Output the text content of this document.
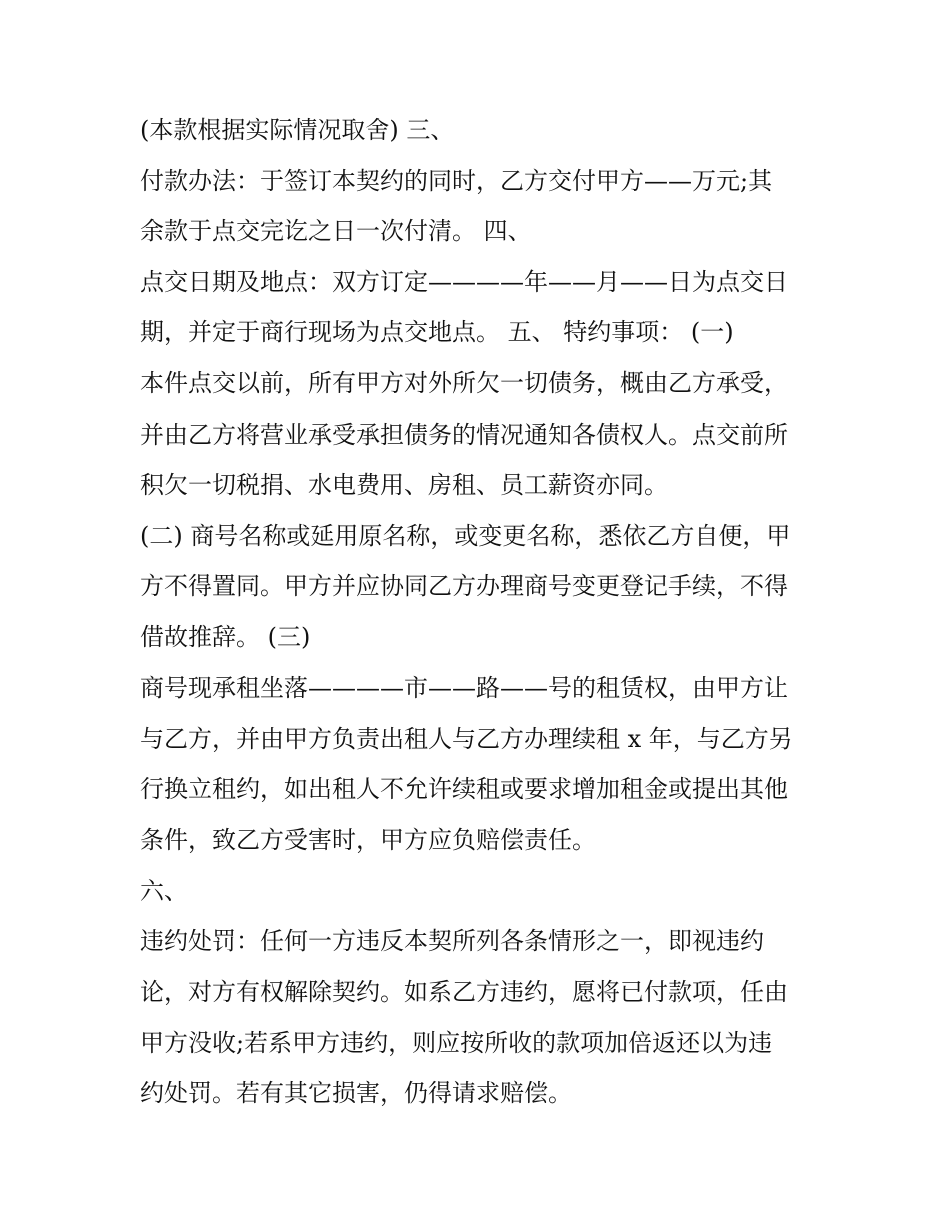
(本款根据实际情况取舍) 三、
付款办法：于签订本契约的同时，乙方交付甲方——万元;其
余款于点交完讫之日一次付清。 四、
点交日期及地点：双方订定————年——月——日为点交日
期，并定于商行现场为点交地点。 五、 特约事项： (一)
本件点交以前，所有甲方对外所欠一切债务，概由乙方承受，
并由乙方将营业承受承担债务的情况通知各债权人。点交前所
积欠一切税捐、水电费用、房租、员工薪资亦同。
(二) 商号名称或延用原名称，或变更名称，悉依乙方自便，甲
方不得置同。甲方并应协同乙方办理商号变更登记手续，不得
借故推辞。 (三)
商号现承租坐落————市——路——号的租赁权，由甲方让
与乙方，并由甲方负责出租人与乙方办理续租 x 年，与乙方另
行换立租约，如出租人不允许续租或要求增加租金或提出其他
条件，致乙方受害时，甲方应负赔偿责任。
六、
违约处罚：任何一方违反本契所列各条情形之一，即视违约
论，对方有权解除契约。如系乙方违约，愿将已付款项，任由
甲方没收;若系甲方违约，则应按所收的款项加倍返还以为违
约处罚。若有其它损害，仍得请求赔偿。
